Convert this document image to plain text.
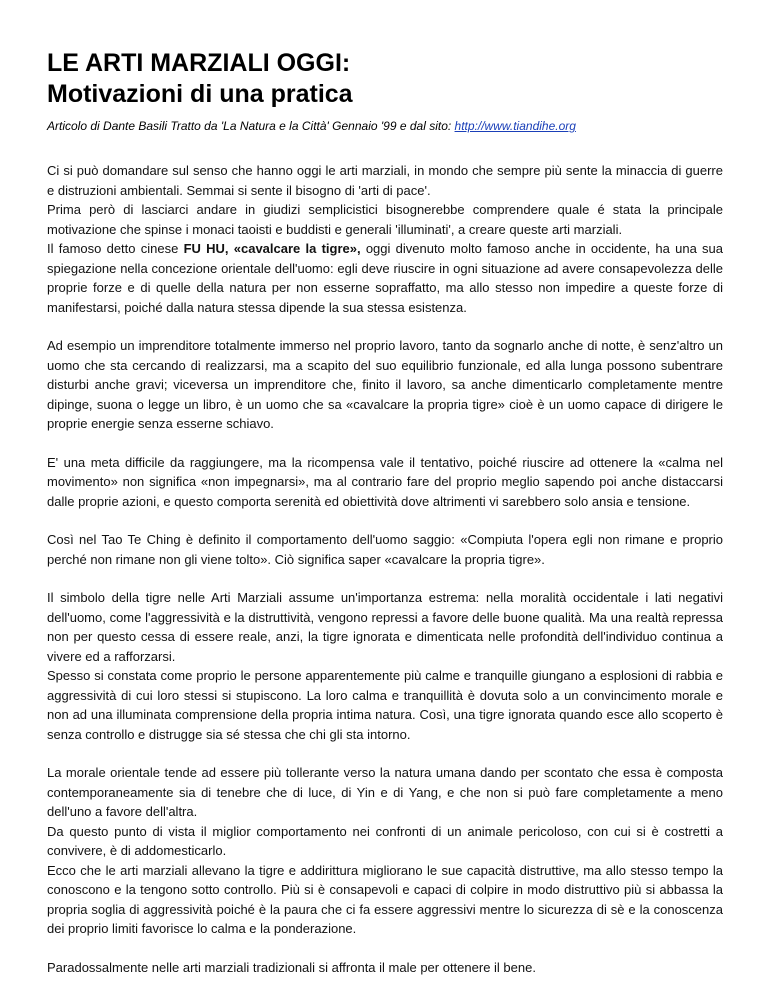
LE ARTI MARZIALI OGGI:
Motivazioni di una pratica
Articolo di Dante Basili Tratto da 'La Natura e la Città' Gennaio '99 e dal sito: http://www.tiandihe.org

Ci si può domandare sul senso che hanno oggi le arti marziali, in mondo che sempre più sente la minaccia di guerre e distruzioni ambientali. Semmai si sente il bisogno di 'arti di pace'.
Prima però di lasciarci andare in giudizi semplicistici bisognerebbe comprendere quale é stata la principale motivazione che spinse i monaci taoisti e buddisti e generali 'illuminati', a creare queste arti marziali.
Il famoso detto cinese FU HU, «cavalcare la tigre», oggi divenuto molto famoso anche in occidente, ha una sua spiegazione nella concezione orientale dell'uomo: egli deve riuscire in ogni situazione ad avere consapevolezza delle proprie forze e di quelle della natura per non esserne sopraffatto, ma allo stesso non impedire a queste forze di manifestarsi, poiché dalla natura stessa dipende la sua stessa esistenza.

Ad esempio un imprenditore totalmente immerso nel proprio lavoro, tanto da sognarlo anche di notte, è senz'altro un uomo che sta cercando di realizzarsi, ma a scapito del suo equilibrio funzionale, ed alla lunga possono subentrare disturbi anche gravi; viceversa un imprenditore che, finito il lavoro, sa anche dimenticarlo completamente mentre dipinge, suona o legge un libro, è un uomo che sa «cavalcare la propria tigre» cioè è un uomo capace di dirigere le proprie energie senza esserne schiavo.

E' una meta difficile da raggiungere, ma la ricompensa vale il tentativo, poiché riuscire ad ottenere la «calma nel movimento» non significa «non impegnarsi», ma al contrario fare del proprio meglio sapendo poi anche distaccarsi dalle proprie azioni, e questo comporta serenità ed obiettività dove altrimenti vi sarebbero solo ansia e tensione.

Così nel Tao Te Ching è definito il comportamento dell'uomo saggio: «Compiuta l'opera egli non rimane e proprio perché non rimane non gli viene tolto». Ciò significa saper «cavalcare la propria tigre».

Il simbolo della tigre nelle Arti Marziali assume un'importanza estrema: nella moralità occidentale i lati negativi dell'uomo, come l'aggressività e la distruttività, vengono repressi a favore delle buone qualità. Ma una realtà repressa non per questo cessa di essere reale, anzi, la tigre ignorata e dimenticata nelle profondità dell'individuo continua a vivere ed a rafforzarsi.
Spesso si constata come proprio le persone apparentemente più calme e tranquille giungano a esplosioni di rabbia e aggressività di cui loro stessi si stupiscono. La loro calma e tranquillità è dovuta solo a un convincimento morale e non ad una illuminata comprensione della propria intima natura. Così, una tigre ignorata quando esce allo scoperto è senza controllo e distrugge sia sé stessa che chi gli sta intorno.

La morale orientale tende ad essere più tollerante verso la natura umana dando per scontato che essa è composta contemporaneamente sia di tenebre che di luce, di Yin e di Yang, e che non si può fare completamente a meno dell'uno a favore dell'altra.
Da questo punto di vista il miglior comportamento nei confronti di un animale pericoloso, con cui si è costretti a convivere, è di addomesticarlo.
Ecco che le arti marziali allevano la tigre e addirittura migliorano le sue capacità distruttive, ma allo stesso tempo la conoscono e la tengono sotto controllo. Più si è consapevoli e capaci di colpire in modo distruttivo più si abbassa la propria soglia di aggressività poiché è la paura che ci fa essere aggressivi mentre lo sicurezza di sè e la conoscenza dei proprio limiti favorisce lo calma e la ponderazione.

Paradossalmente nelle arti marziali tradizionali si affronta il male per ottenere il bene.
